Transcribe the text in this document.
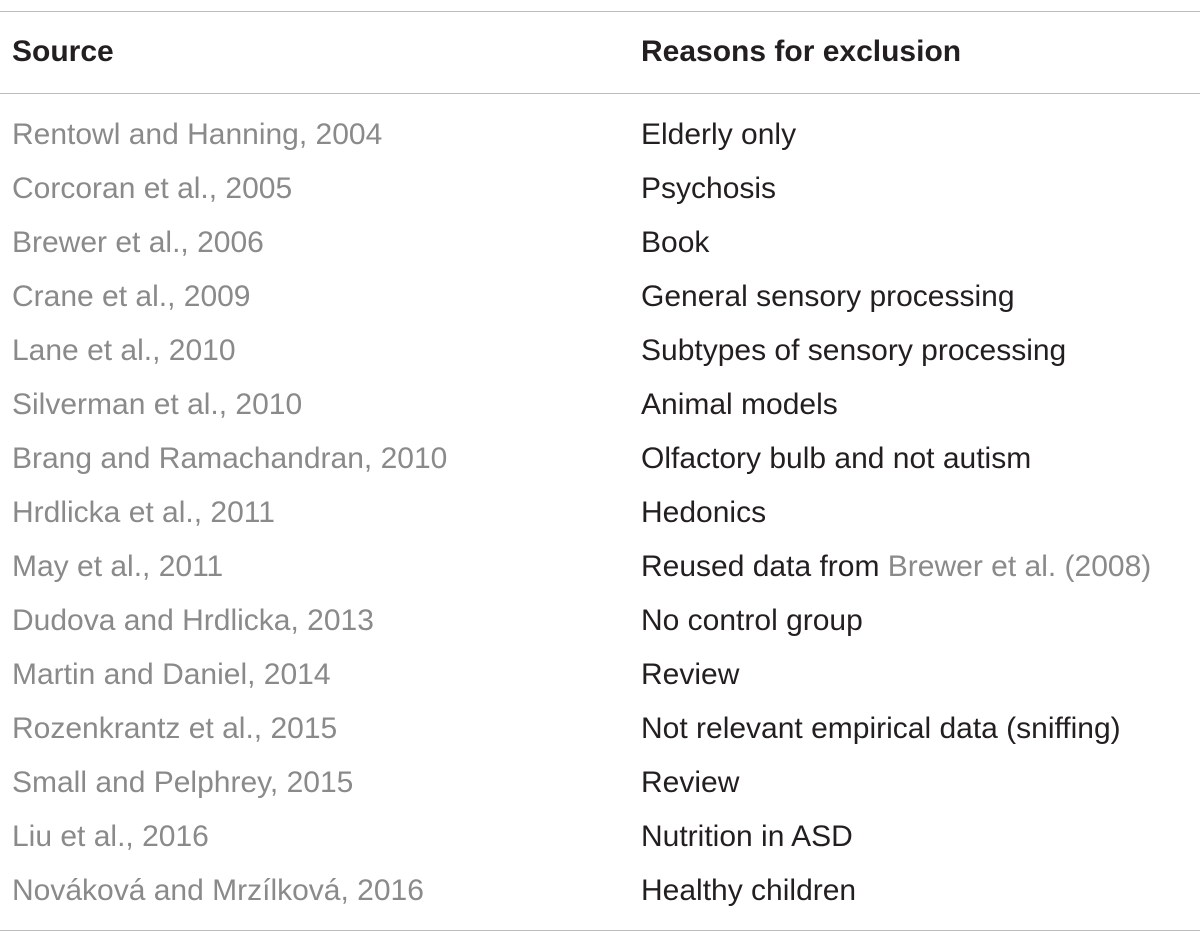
Source	Reasons for exclusion
Rentowl and Hanning, 2004	Elderly only
Corcoran et al., 2005	Psychosis
Brewer et al., 2006	Book
Crane et al., 2009	General sensory processing
Lane et al., 2010	Subtypes of sensory processing
Silverman et al., 2010	Animal models
Brang and Ramachandran, 2010	Olfactory bulb and not autism
Hrdlicka et al., 2011	Hedonics
May et al., 2011	Reused data from Brewer et al. (2008)
Dudova and Hrdlicka, 2013	No control group
Martin and Daniel, 2014	Review
Rozenkrantz et al., 2015	Not relevant empirical data (sniffing)
Small and Pelphrey, 2015	Review
Liu et al., 2016	Nutrition in ASD
Nováková and Mrzílková, 2016	Healthy children
